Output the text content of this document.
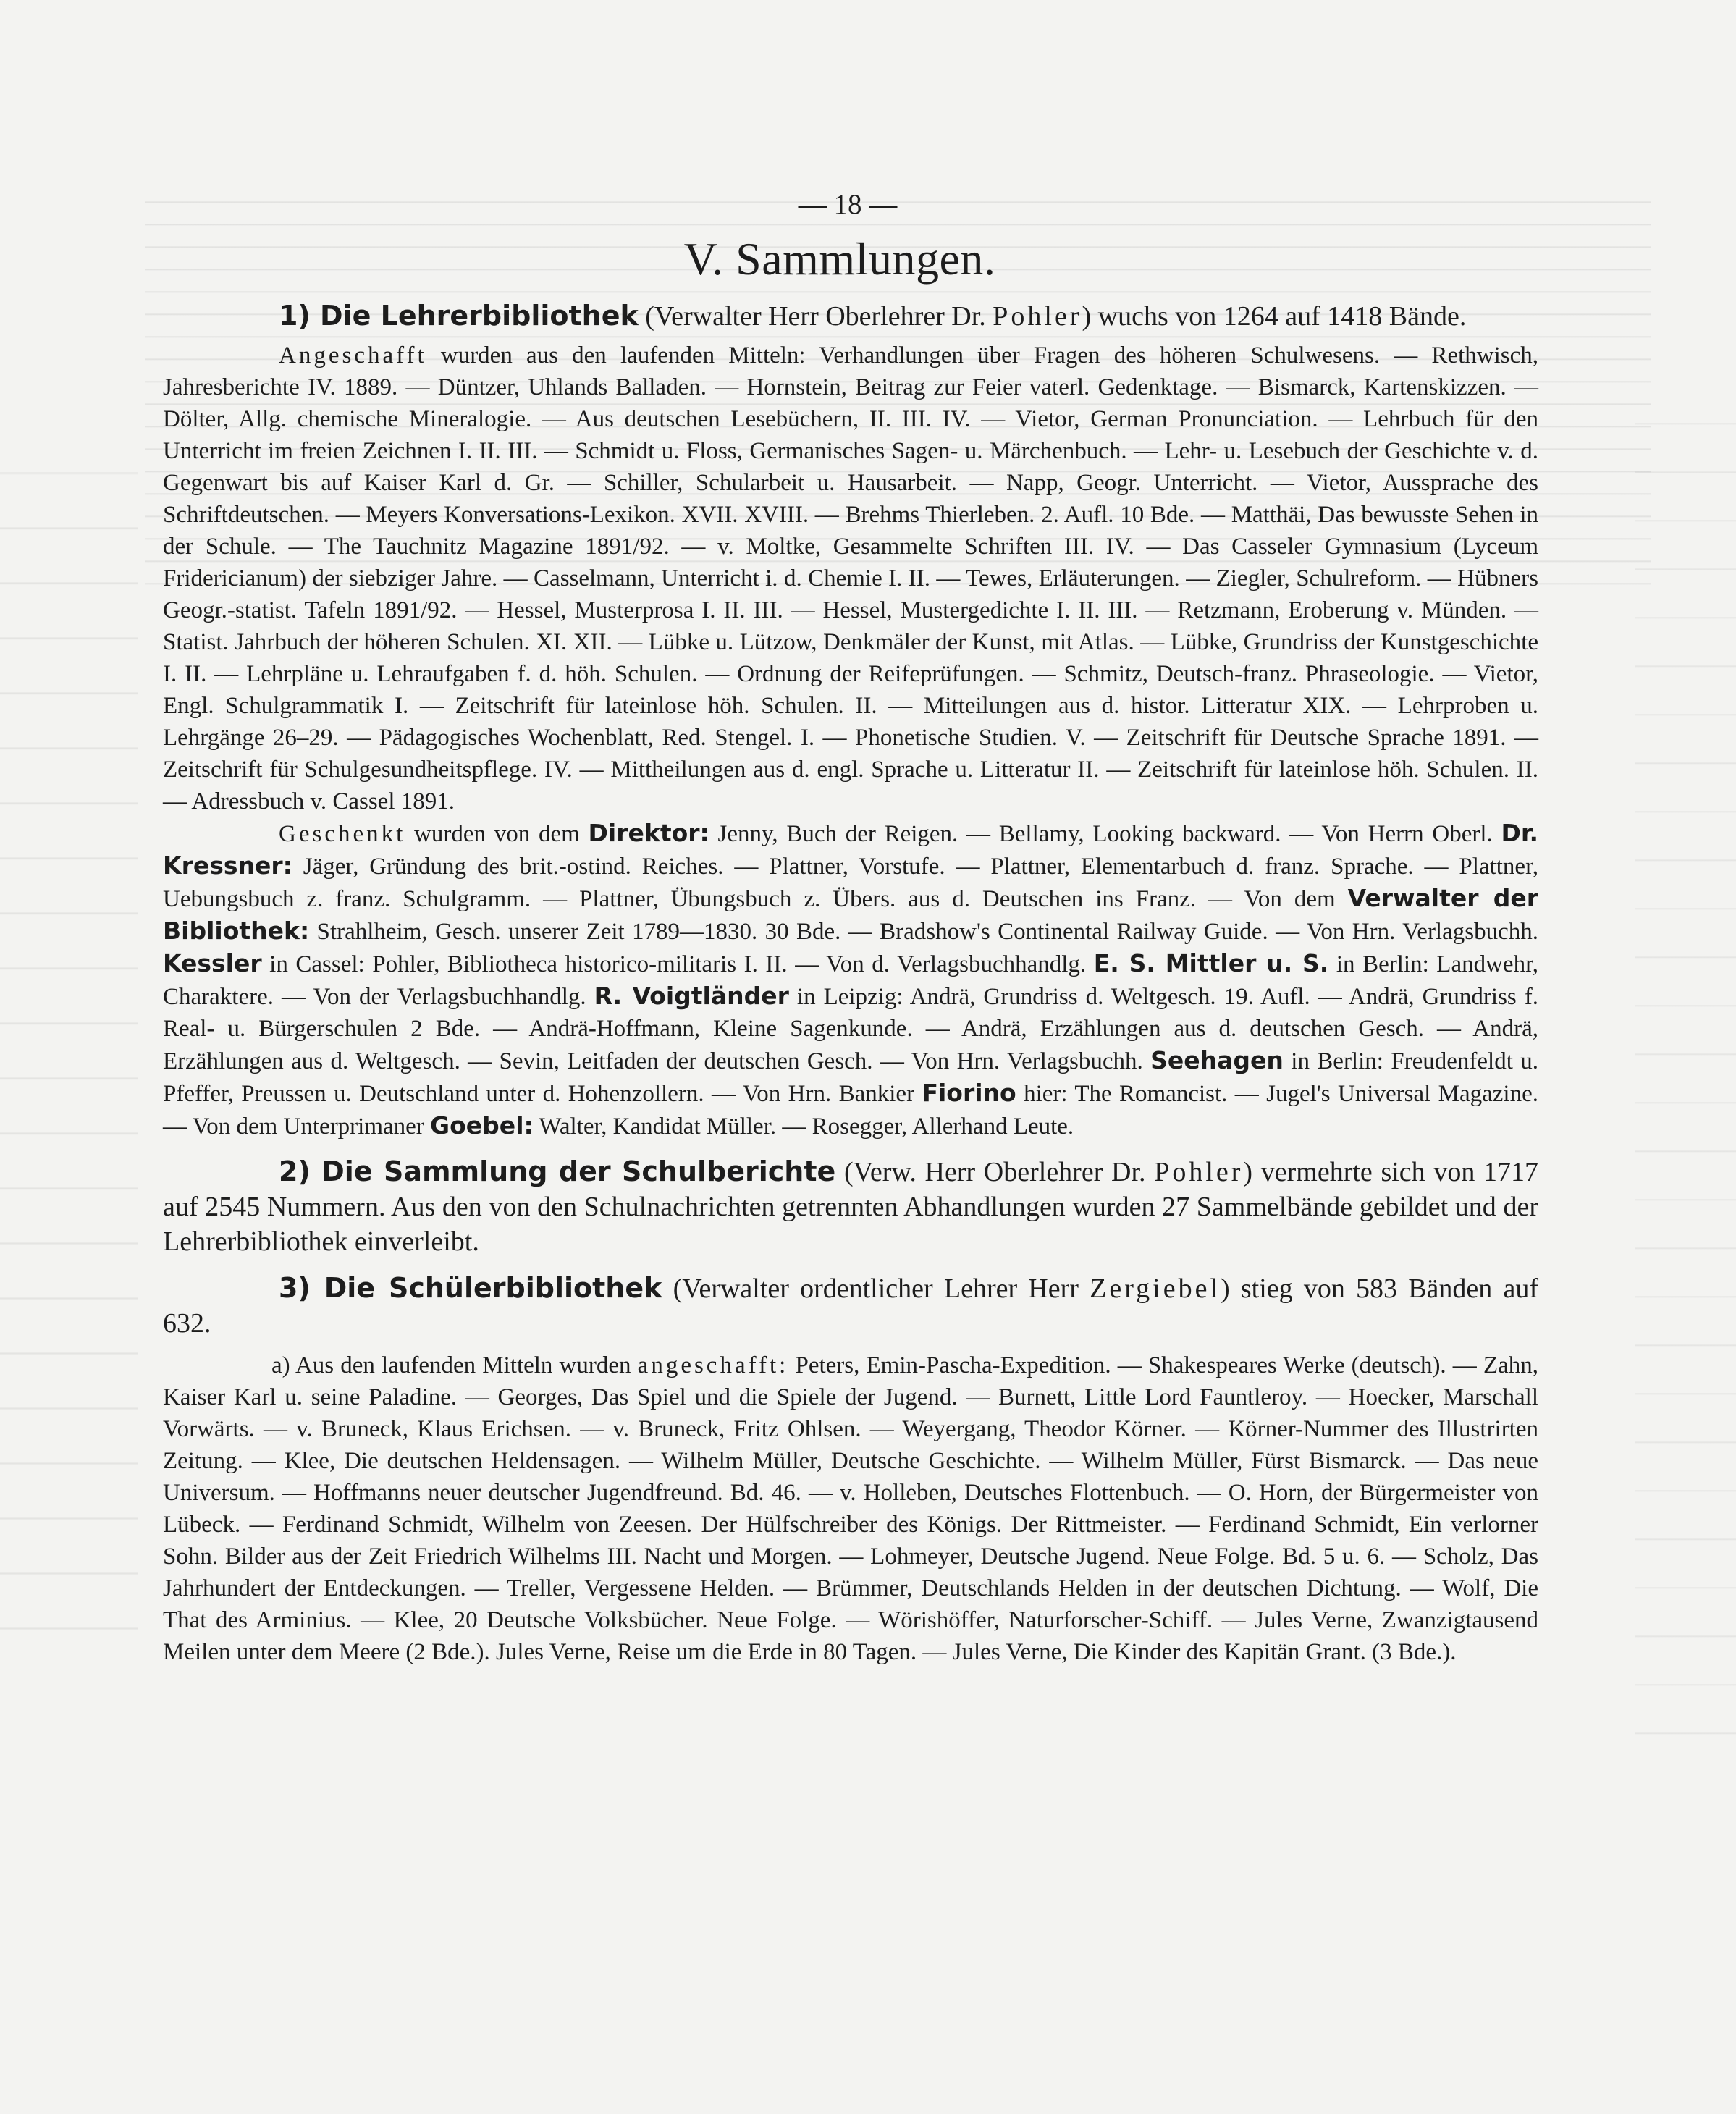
— 18 —
V. Sammlungen.

1) Die Lehrerbibliothek (Verwalter Herr Oberlehrer Dr. Pohler) wuchs von 1264 auf 1418 Bände.

Angeschafft wurden aus den laufenden Mitteln: Verhandlungen über Fragen des höheren Schulwesens. — Rethwisch, Jahresberichte IV. 1889. — Düntzer, Uhlands Balladen. — Hornstein, Beitrag zur Feier vaterl. Gedenktage. — Bismarck, Kartenskizzen. — Dölter, Allg. chemische Mineralogie. — Aus deutschen Lesebüchern, II. III. IV. — Vietor, German Pronunciation. — Lehrbuch für den Unterricht im freien Zeichnen I. II. III. — Schmidt u. Floss, Germanisches Sagen- u. Märchenbuch. — Lehr- u. Lesebuch der Geschichte v. d. Gegenwart bis auf Kaiser Karl d. Gr. — Schiller, Schularbeit u. Hausarbeit. — Napp, Geogr. Unterricht. — Vietor, Aussprache des Schriftdeutschen. — Meyers Konversations-Lexikon. XVII. XVIII. — Brehms Thierleben. 2. Aufl. 10 Bde. — Matthäi, Das bewusste Sehen in der Schule. — The Tauchnitz Magazine 1891/92. — v. Moltke, Gesammelte Schriften III. IV. — Das Casseler Gymnasium (Lyceum Fridericianum) der siebziger Jahre. — Casselmann, Unterricht i. d. Chemie I. II. — Tewes, Erläuterungen. — Ziegler, Schulreform. — Hübners Geogr.-statist. Tafeln 1891/92. — Hessel, Musterprosa I. II. III. — Hessel, Mustergedichte I. II. III. — Retzmann, Eroberung v. Münden. — Statist. Jahrbuch der höheren Schulen. XI. XII. — Lübke u. Lützow, Denkmäler der Kunst, mit Atlas. — Lübke, Grundriss der Kunstgeschichte I. II. — Lehrpläne u. Lehraufgaben f. d. höh. Schulen. — Ordnung der Reifeprüfungen. — Schmitz, Deutsch-franz. Phraseologie. — Vietor, Engl. Schulgrammatik I. — Zeitschrift für lateinlose höh. Schulen. II. — Mitteilungen aus d. histor. Litteratur XIX. — Lehrproben u. Lehrgänge 26–29. — Pädagogisches Wochenblatt, Red. Stengel. I. — Phonetische Studien. V. — Zeitschrift für Deutsche Sprache 1891. — Zeitschrift für Schulgesundheitspflege. IV. — Mittheilungen aus d. engl. Sprache u. Litteratur II. — Zeitschrift für lateinlose höh. Schulen. II. — Adressbuch v. Cassel 1891.

Geschenkt wurden von dem Direktor: Jenny, Buch der Reigen. — Bellamy, Looking backward. — Von Herrn Oberl. Dr. Kressner: Jäger, Gründung des brit.-ostind. Reiches. — Plattner, Vorstufe. — Plattner, Elementarbuch d. franz. Sprache. — Plattner, Uebungsbuch z. franz. Schulgramm. — Plattner, Übungsbuch z. Übers. aus d. Deutschen ins Franz. — Von dem Verwalter der Bibliothek: Strahlheim, Gesch. unserer Zeit 1789—1830. 30 Bde. — Bradshow's Continental Railway Guide. — Von Hrn. Verlagsbuchh. Kessler in Cassel: Pohler, Bibliotheca historico-militaris I. II. — Von d. Verlagsbuchhandlg. E. S. Mittler u. S. in Berlin: Landwehr, Charaktere. — Von der Verlagsbuchhandlg. R. Voigtländer in Leipzig: Andrä, Grundriss d. Weltgesch. 19. Aufl. — Andrä, Grundriss f. Real- u. Bürgerschulen 2 Bde. — Andrä-Hoffmann, Kleine Sagenkunde. — Andrä, Erzählungen aus d. deutschen Gesch. — Andrä, Erzählungen aus d. Weltgesch. — Sevin, Leitfaden der deutschen Gesch. — Von Hrn. Verlagsbuchh. Seehagen in Berlin: Freudenfeldt u. Pfeffer, Preussen u. Deutschland unter d. Hohenzollern. — Von Hrn. Bankier Fiorino hier: The Romancist. — Jugel's Universal Magazine. — Von dem Unterprimaner Goebel: Walter, Kandidat Müller. — Rosegger, Allerhand Leute.

2) Die Sammlung der Schulberichte (Verw. Herr Oberlehrer Dr. Pohler) vermehrte sich von 1717 auf 2545 Nummern. Aus den von den Schulnachrichten getrennten Abhandlungen wurden 27 Sammelbände gebildet und der Lehrerbibliothek einverleibt.

3) Die Schülerbibliothek (Verwalter ordentlicher Lehrer Herr Zergiebel) stieg von 583 Bänden auf 632.

a) Aus den laufenden Mitteln wurden angeschafft: Peters, Emin-Pascha-Expedition. — Shakespeares Werke (deutsch). — Zahn, Kaiser Karl u. seine Paladine. — Georges, Das Spiel und die Spiele der Jugend. — Burnett, Little Lord Fauntleroy. — Hoecker, Marschall Vorwärts. — v. Bruneck, Klaus Erichsen. — v. Bruneck, Fritz Ohlsen. — Weyergang, Theodor Körner. — Körner-Nummer des Illustrirten Zeitung. — Klee, Die deutschen Heldensagen. — Wilhelm Müller, Deutsche Geschichte. — Wilhelm Müller, Fürst Bismarck. — Das neue Universum. — Hoffmanns neuer deutscher Jugendfreund. Bd. 46. — v. Holleben, Deutsches Flottenbuch. — O. Horn, der Bürgermeister von Lübeck. — Ferdinand Schmidt, Wilhelm von Zeesen. Der Hülfschreiber des Königs. Der Rittmeister. — Ferdinand Schmidt, Ein verlorner Sohn. Bilder aus der Zeit Friedrich Wilhelms III. Nacht und Morgen. — Lohmeyer, Deutsche Jugend. Neue Folge. Bd. 5 u. 6. — Scholz, Das Jahrhundert der Entdeckungen. — Treller, Vergessene Helden. — Brümmer, Deutschlands Helden in der deutschen Dichtung. — Wolf, Die That des Arminius. — Klee, 20 Deutsche Volksbücher. Neue Folge. — Wörishöffer, Naturforscher-Schiff. — Jules Verne, Zwanzigtausend Meilen unter dem Meere (2 Bde.). Jules Verne, Reise um die Erde in 80 Tagen. — Jules Verne, Die Kinder des Kapitän Grant. (3 Bde.).
